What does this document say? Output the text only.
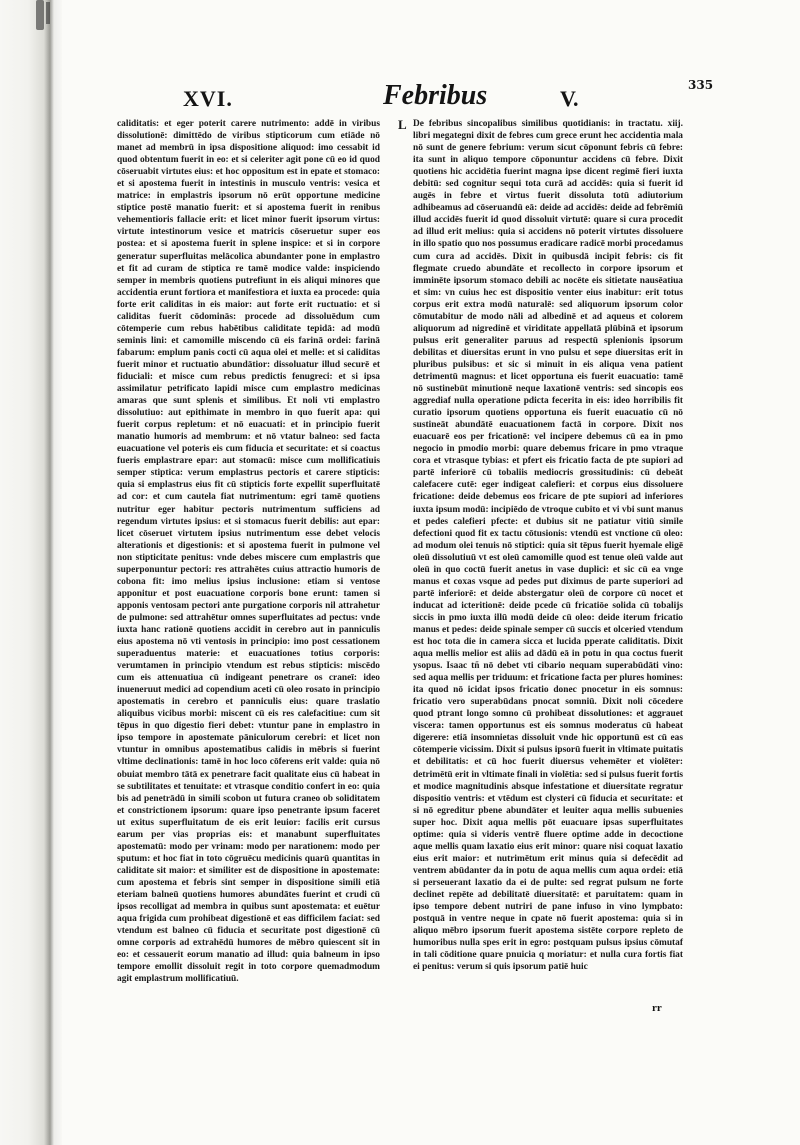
XVI.	Febribus	V.
335

caliditatis: et eger poterit carere nutrimento: addē in viribus dissolutionē: dimittēdo de viribus stipticorum cum etiāde nō manet ad membrū in ipsa dispositione aliquod: imo cessabit id quod obtentum fuerit in eo: et si celeriter agit pone cū eo id quod cōseruabit virtutes eius: et hoc oppositum est in epate et stomaco: et si apostema fuerit in intestinis in musculo ventris: vesica et matrice: in emplastris ipsorum nō erūt opportune medicine stiptice postē manatio fuerit: et si apostema fuerit in renibus vehementioris fallacie erit: et licet minor fuerit ipsorum virtus: virtute intestinorum vesice et matricis cōseruetur super eos postea: et si apostema fuerit in splene inspice: et si in corpore generatur superfluitas melācolica abundanter pone in emplastro et fit ad curam de stiptica re tamē modice valde: inspiciendo semper in membris quotiens putrefiunt in eis aliqui minores que accidentia erunt fortiora et manifestiora et iuxta ea procede: quia forte erit caliditas in eis maior: aut forte erit ructuatio: et si caliditas fuerit cōdominās: procede ad dissoluēdum cum cōtemperie cum rebus habētibus caliditate tepidā: ad modū seminis lini: et camomille miscendo cū eis farinā ordei: farinā fabarum: emplum panis cocti cū aqua olei et melle: et si caliditas fuerit minor et ructuatio abundātior: dissoluatur illud securē et fiduciali: et misce cum rebus predictis fenugreci: et si ipsa assimilatur petrificato lapidi misce cum emplastro medicinas amaras que sunt splenis et similibus. Et noli vti emplastro dissolutiuo: aut epithimate in membro in quo fuerit apa: qui fuerit corpus repletum: et nō euacuati: et in principio fuerit manatio humoris ad membrum: et nō vtatur balneo: sed facta euacuatione vel poteris eis cum fiducia et securitate: et si coactus fueris emplastrare epar: aut stomacū: misce cum mollificatiuis semper stiptica: verum emplastrus pectoris et carere stipticis: quia si emplastrus eius fit cū stipticis forte expellit superfluitatē ad cor: et cum cautela fiat nutrimentum: egri tamē quotiens nutritur eger habitur pectoris nutrimentum sufficiens ad regendum virtutes ipsius: et si stomacus fuerit debilis: aut epar: licet cōseruet virtutem ipsius nutrimentum esse debet velocis alterationis et digestionis: et si apostema fuerit in pulmone vel non stipticitate penitus: vnde debes miscere cum emplastris que superponuntur pectori: res attrahētes cuius attractio humoris de cobona fit: imo melius ipsius inclusione: etiam si ventose apponitur et post euacuatione corporis bone erunt: tamen si apponis ventosam pectori ante purgatione corporis nil attrahetur de pulmone: sed attrahētur omnes superfluitates ad pectus: vnde iuxta hanc rationē quotiens accidit in cerebro aut in panniculis eius apostema nō vti ventosis in principio: imo post cessationem superaduentus materie: et euacuationes totius corporis: verumtamen in principio vtendum est rebus stipticis: miscēdo cum eis attenuatiua cū indigeant penetrare os craneī: ideo inueneruut medici ad copendium aceti cū oleo rosato in principio apostematis in cerebro et panniculis eius: quare traslatio aliquibus vicibus morbi: miscent cū eis res calefacitiue: cum sit tēpus in quo digestio fieri debet: vtuntur pane in emplastro in ipso tempore in apostemate pāniculorum cerebri: et licet non vtuntur in omnibus apostematibus calidis in mēbris si fuerint vltime declinationis: tamē in hoc loco cōferens erit valde: quia nō obuiat membro tātā ex penetrare facit qualitate eius cū habeat in se subtilitates et tenuitate: et vtrasque conditio confert in eo: quia bis ad penetrādū in simili scobon ut futura craneo ob soliditatem et constrictionem ipsorum: quare ipso penetrante ipsum faceret ut exitus superfluitatum de eis erit leuior: facilis erit cursus earum per vias proprias eis: et manabunt superfluitates apostematū: modo per vrinam: modo per narationem: modo per sputum: et hoc fiat in toto cōgruēcu medicinis quarū quantitas in caliditate sit maior: et similiter est de dispositione in apostemate: cum apostema et febris sint semper in dispositione simili etiā eteriam balneū quotiens humores abundātes fuerint et crudi cū ipsos recolligat ad membra in quibus sunt apostemata: et euētur aqua frigida cum prohibeat digestionē et eas difficilem faciat: sed vtendum est balneo cū fiducia et securitate post digestionē cū omne corporis ad extrahēdū humores de mēbro quiescent sit in eo: et cessauerit eorum manatio ad illud: quia balneum in ipso tempore emollit dissoluit regit in toto corpore quemadmodum agit emplastrum mollificatiuū.

L De febribus sincopalibus similibus quotidianis: in tractatu. xiij. libri megategni dixit de febres cum grece erunt hec accidentia mala nō sunt de genere febrium: verum sicut cōponunt febris cū febre: ita sunt in aliquo tempore cōponuntur accidens cū febre. Dixit quotiens hic accidētia fuerint magna ipse dicent regimē fieri iuxta debitū: sed cognitur sequi tota curā ad accidēs: quia si fuerit id augēs in febre et virtus fuerit dissoluta totū adiutorium adhibeamus ad cōseruandū eā: deide ad accidēs: deide ad febrēmiū illud accidēs fuerit id quod dissoluit virtutē: quare si cura procedit ad illud erit melius: quia si accidens nō poterit virtutes dissoluere in illo spatio quo nos possumus eradicare radicē morbi procedamus cum cura ad accidēs. Dixit in quibusdā incipit febris: cis fit flegmate cruedo abundāte et recollecto in corpore ipsorum et imminēte ipsorum stomaco debili ac nocēte eis sitietate nausēatiua et sim: vn cuius hec est dispositio venter eius inabitur: erit totus corpus erit extra modū naturalē: sed aliquorum ipsorum color cōmutabitur de modo nāli ad albedinē et ad aqueus et colorem aliquorum ad nigredinē et viriditate appellatā plūbinā et ipsorum pulsus erit generaliter paruus ad respectū splenionis ipsorum debilitas et diuersitas erunt in vno pulsu et sepe diuersitas erit in pluribus pulsibus: et sic si minuit in eis aliqua vena patient detrimentū magnus: et licet opportuna eis fuerit euacuatio: tamē nō sustinebūt minutionē neque laxationē ventris: sed sincopis eos aggrediaf nulla operatione pdicta fecerita in eis: ideo horribilis fit curatio ipsorum quotiens opportuna eis fuerit euacuatio cū nō sustineāt abundātē euacuationem factā in corpore. Dixit nos euacuarē eos per fricationē: vel incipere debemus cū ea in pmo negocio in pmodio morbi: quare debemus fricare in pmo vtraque cora et vtrasque tybias: et pfert eis fricatio facta de pte supiori ad partē inferiorē cū tobaliis mediocris grossitudinis: cū debeāt calefacere cutē: eger indigeat calefieri: et corpus eius dissoluere fricatione: deide debemus eos fricare de pte supiori ad inferiores iuxta ipsum modū: incipiēdo de vtroque cubito et vi vbi sunt manus et pedes calefieri pfecte: et dubius sit ne patiatur vitiū simile defectioni quod fit ex tactu cōtusionis: vtendū est vnctione cū oleo: ad modum olei tenuis nō stiptici: quia sit tēpus fuerit hyemale eligē oleū dissolutiuū vt est oleū camomille quod est tenue oleū valde aut oleū in quo coctū fuerit anetus in vase duplici: et sic cū ea vnge manus et coxas vsque ad pedes put diximus de parte superiori ad partē inferiorē: et deide abstergatur oleū de corpore cū nocet et inducat ad icteritionē: deide pcede cū fricatiōe solida cū tobalijs siccis in pmo iuxta illū modū deide cū oleo: deide iterum fricatio manus et pedes: deide spinale semper cū succis et olceried vtendum est hoc tota die in camera sicca et lucida pperate caliditatis. Dixit aqua mellis melior est aliis ad dādū eā in potu in qua coctus fuerit ysopus. Isaac tñ nō debet vti cibario nequam superabūdāti vino: sed aqua mellis per triduum: et fricatione facta per plures homines: ita quod nō icidat ipsos fricatio donec pnocetur in eis somnus: fricatio vero superabūdans pnocat somniū. Dixit noli cōcedere quod ptrant longo somno cū prohibeat dissolutiones: et aggrauet viscera: tamen opportunus est eis somnus moderatus cū habeat digerere: etiā insomnietas dissoluit vnde hic opportunū est cū eas cōtemperie vicissim. Dixit si pulsus ipsorū fuerit in vltimate puitatis et debilitatis: et cū hoc fuerit diuersus vehemēter et violēter: detrimētū erit in vltimate finali in violētia: sed si pulsus fuerit fortis et modice magnitudinis absque infestatione et diuersitate regratur dispositio ventris: et vtēdum est clysteri cū fiducia et securitate: et si nō egreditur pbene abundāter et leuiter aqua mellis subuenies super hoc. Dixit aqua mellis pōt euacuare ipsas superfluitates optime: quia si videris ventrē fluere optime adde in decoctione aque mellis quam laxatio eius erit minor: quare nisi coquat laxatio eius erit maior: et nutrimētum erit minus quia si defecēdit ad ventrem abūdanter da in potu de aqua mellis cum aqua ordei: etiā si perseuerant laxatio da ei de pulte: sed regrat pulsum ne forte declinet repēte ad debilitatē diuersitatē: et paruitatem: quam in ipso tempore debent nutriri de pane infuso in vino lympbato: postquā in ventre neque in cpate nō fuerit apostema: quia si in aliquo mēbro ipsorum fuerit apostema sistēte corpore repleto de humoribus nulla spes erit in egro: postquam pulsus ipsius cōmutaf in tali cōditione quare pnuicia q moriatur: et nulla cura fortis fiat ei penitus: verum si quis ipsorum patiē huic

rr
